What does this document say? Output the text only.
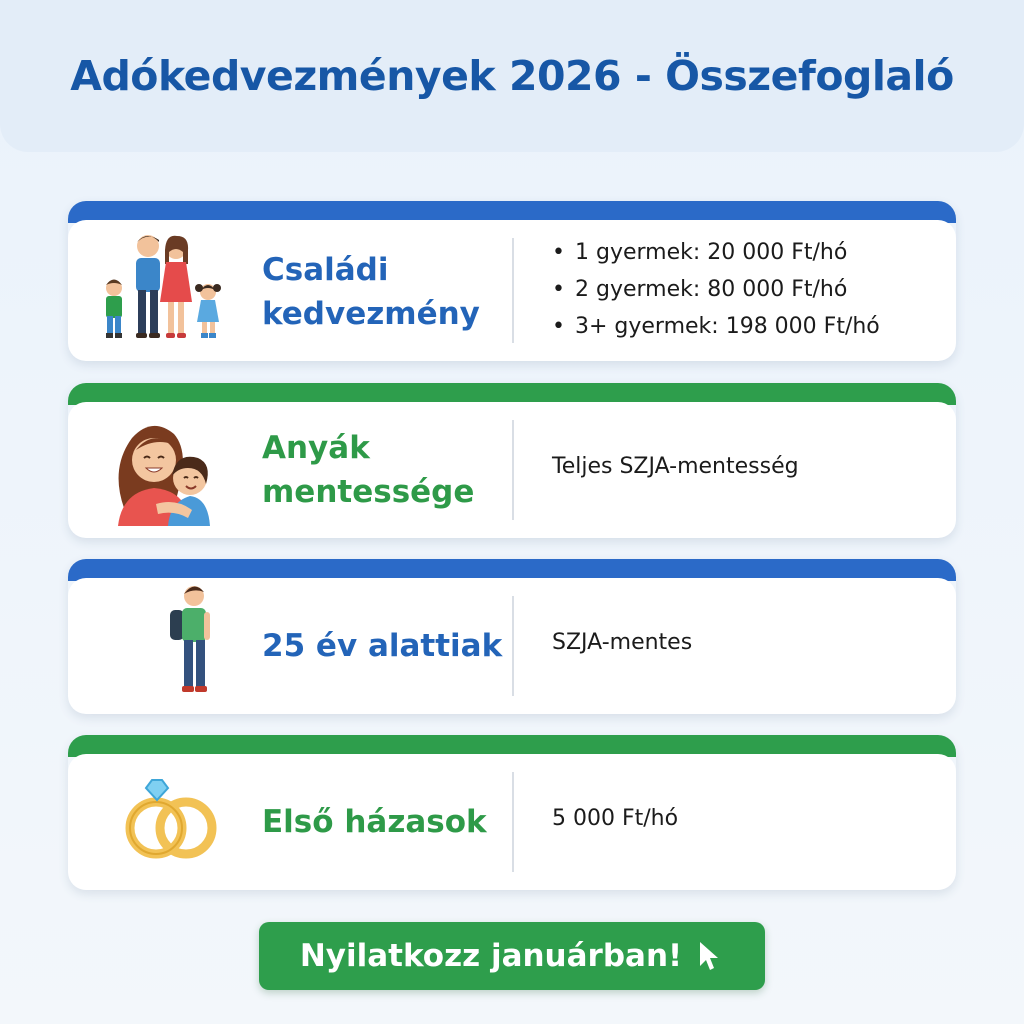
Adókedvezmények 2026 - Összefoglaló
Családi
kedvezmény
• 1 gyermek: 20 000 Ft/hó
• 2 gyermek: 80 000 Ft/hó
• 3+ gyermek: 198 000 Ft/hó
Anyák
mentessége
Teljes SZJA-mentesség
25 év alattiak SZJA-mentes
Első házasok	5 000 Ft/hó
Nyilatkozz januárban!
